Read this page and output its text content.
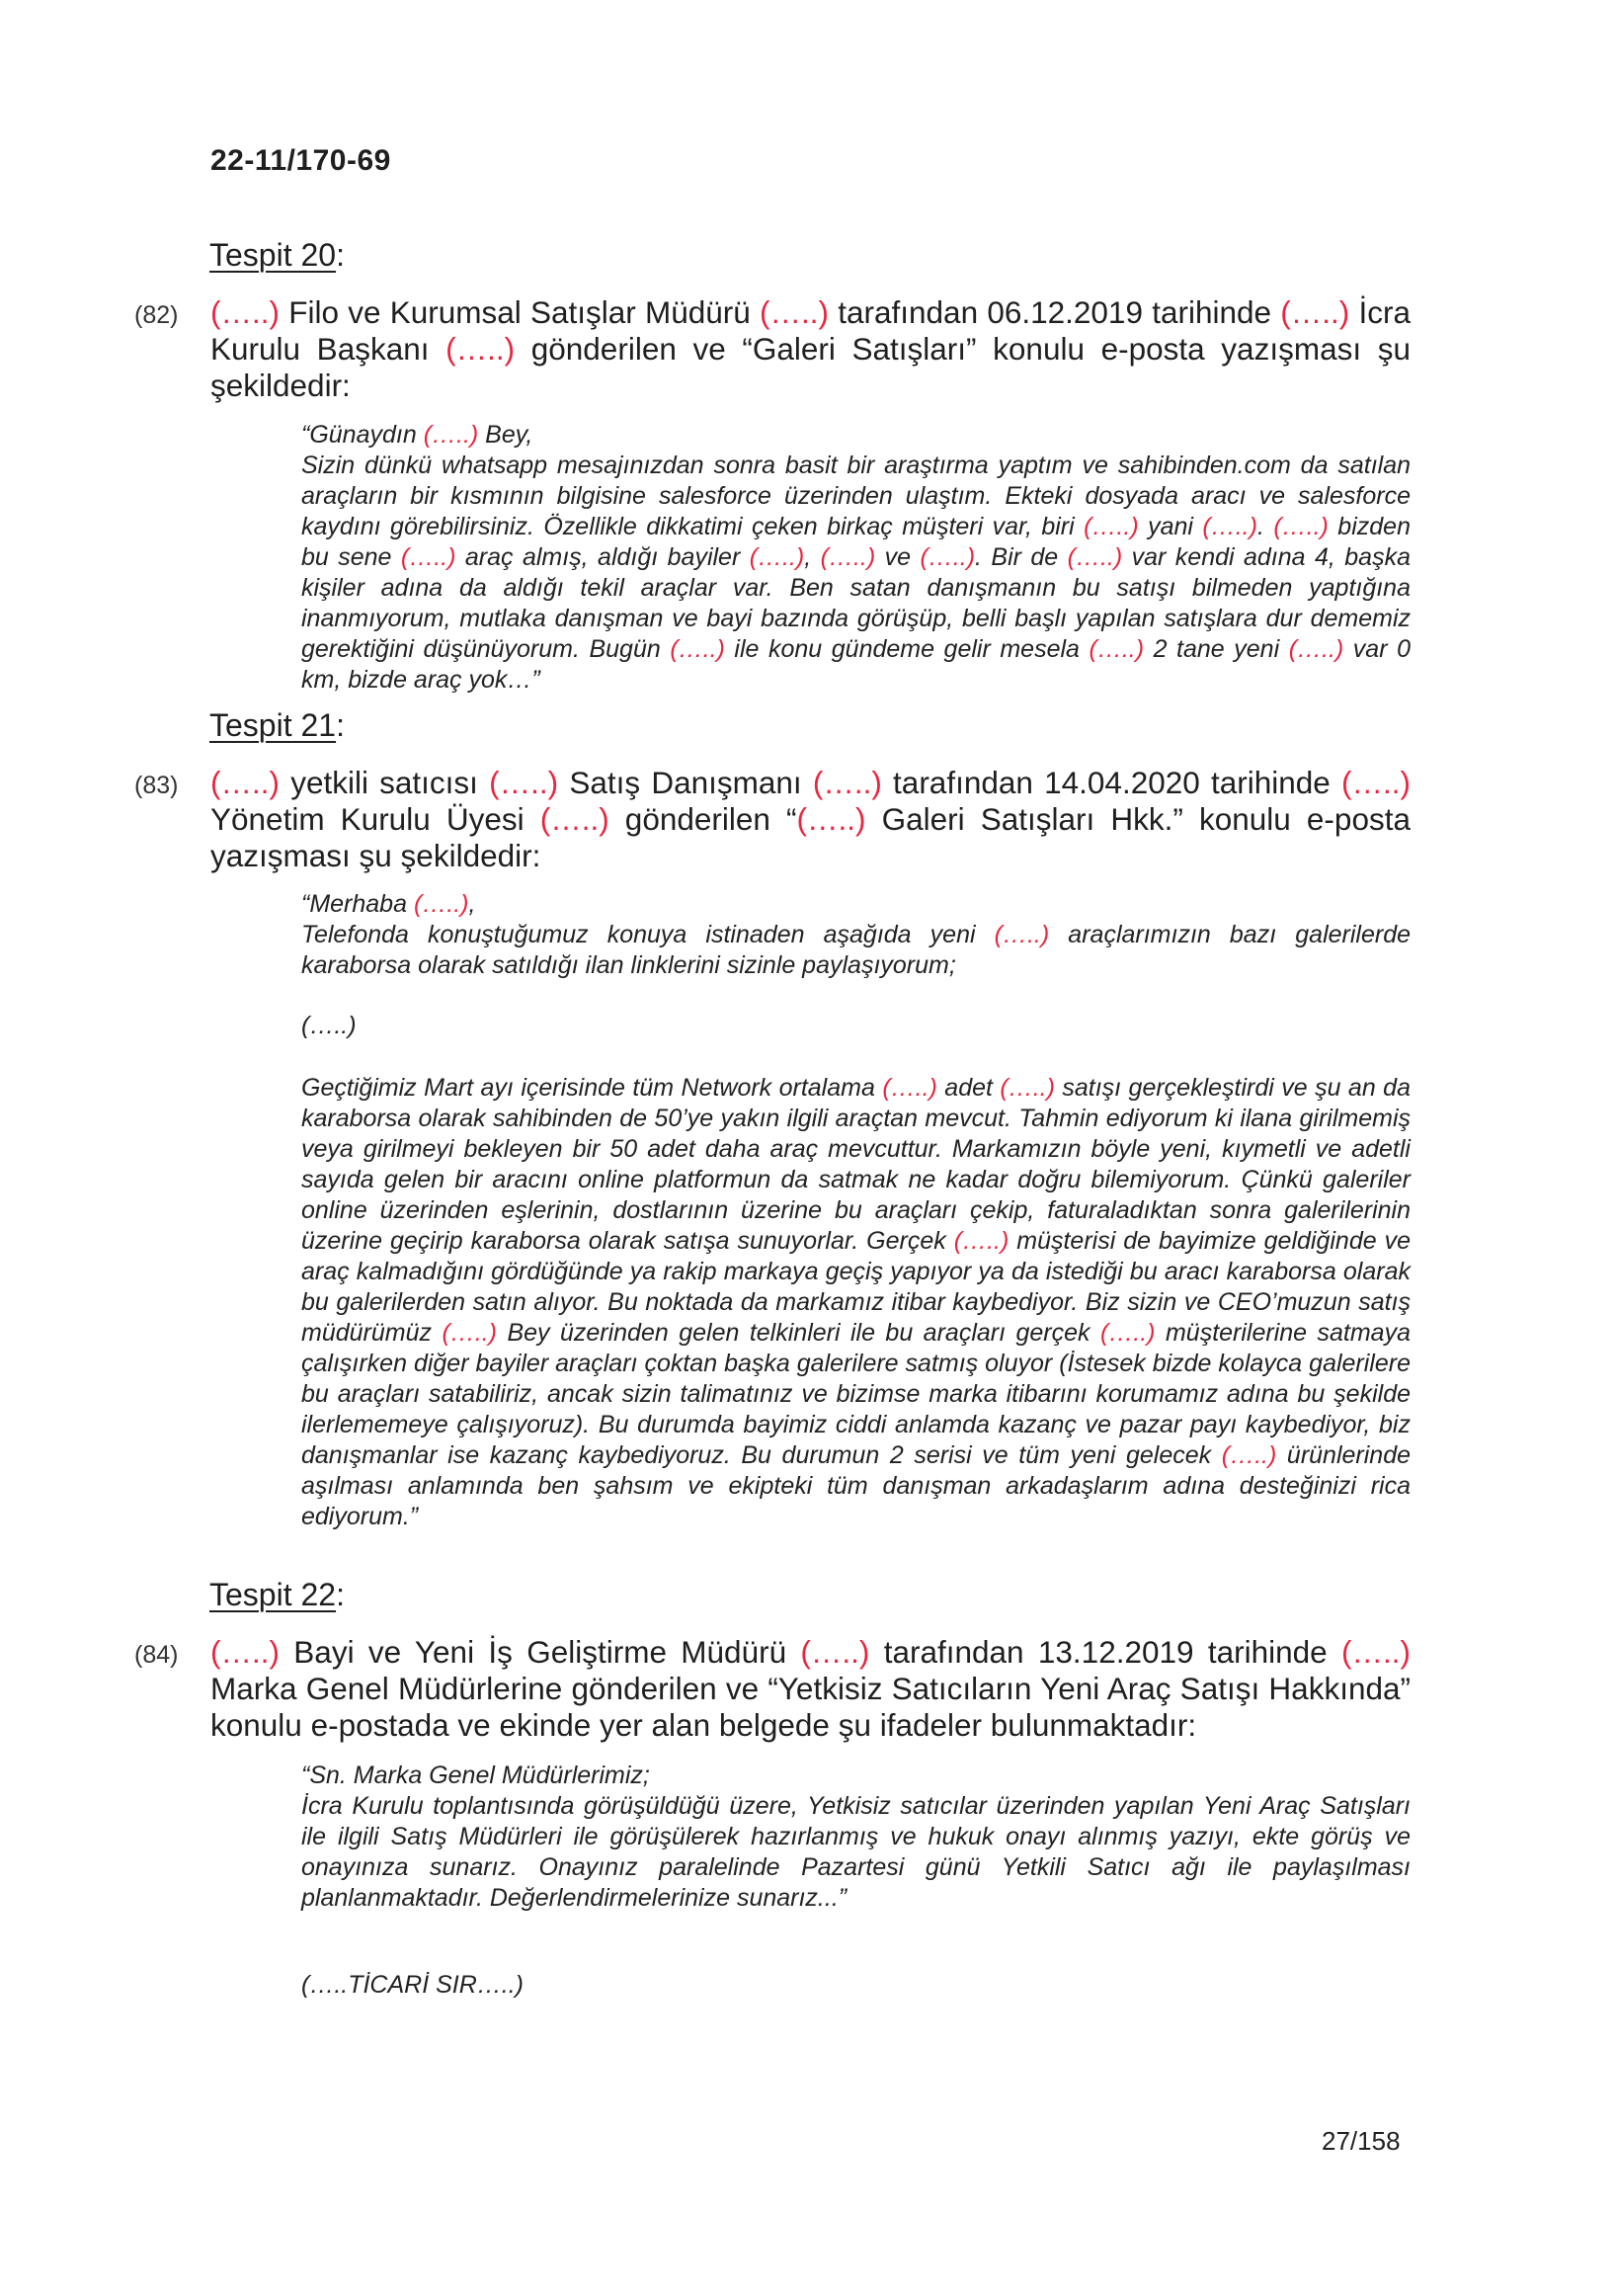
22-11/170-69
Tespit 20:
(82) (…..) Filo ve Kurumsal Satışlar Müdürü (…..) tarafından 06.12.2019 tarihinde (…..) İcra Kurulu Başkanı (…..) gönderilen ve “Galeri Satışları” konulu e-posta yazışması şu şekildedir:
“Günaydın (…..) Bey,
Sizin dünkü whatsapp mesajınızdan sonra basit bir araştırma yaptım ve sahibinden.com da satılan araçların bir kısmının bilgisine salesforce üzerinden ulaştım. Ekteki dosyada aracı ve salesforce kaydını görebilirsiniz. Özellikle dikkatimi çeken birkaç müşteri var, biri (…..) yani (…..). (…..) bizden bu sene (…..) araç almış, aldığı bayiler (…..), (…..) ve (…..). Bir de (…..) var kendi adına 4, başka kişiler adına da aldığı tekil araçlar var. Ben satan danışmanın bu satışı bilmeden yaptığına inanmıyorum, mutlaka danışman ve bayi bazında görüşüp, belli başlı yapılan satışlara dur dememiz gerektiğini düşünüyorum. Bugün (…..) ile konu gündeme gelir mesela (…..) 2 tane yeni (…..) var 0 km, bizde araç yok…”
Tespit 21:
(83) (…..) yetkili satıcısı (…..) Satış Danışmanı (…..) tarafından 14.04.2020 tarihinde (…..) Yönetim Kurulu Üyesi (…..) gönderilen “(…..) Galeri Satışları Hkk.” konulu e-posta yazışması şu şekildedir:
“Merhaba (…..),
Telefonda konuştuğumuz konuya istinaden aşağıda yeni (…..) araçlarımızın bazı galerilerde karaborsa olarak satıldığı ilan linklerini sizinle paylaşıyorum;
(…..)
Geçtiğimiz Mart ayı içerisinde tüm Network ortalama (…..) adet (…..) satışı gerçekleştirdi ve şu an da karaborsa olarak sahibinden de 50’ye yakın ilgili araçtan mevcut. Tahmin ediyorum ki ilana girilmemiş veya girilmeyi bekleyen bir 50 adet daha araç mevcuttur. Markamızın böyle yeni, kıymetli ve adetli sayıda gelen bir aracını online platformun da satmak ne kadar doğru bilemiyorum. Çünkü galeriler online üzerinden eşlerinin, dostlarının üzerine bu araçları çekip, faturaladıktan sonra galerilerinin üzerine geçirip karaborsa olarak satışa sunuyorlar. Gerçek (…..) müşterisi de bayimize geldiğinde ve araç kalmadığını gördüğünde ya rakip markaya geçiş yapıyor ya da istediği bu aracı karaborsa olarak bu galerilerden satın alıyor. Bu noktada da markamız itibar kaybediyor. Biz sizin ve CEO’muzun satış müdürümüz (…..) Bey üzerinden gelen telkinleri ile bu araçları gerçek (…..) müşterilerine satmaya çalışırken diğer bayiler araçları çoktan başka galerilere satmış oluyor (İstesek bizde kolayca galerilere bu araçları satabiliriz, ancak sizin talimatınız ve bizimse marka itibarını korumamız adına bu şekilde ilerlememeye çalışıyoruz). Bu durumda bayimiz ciddi anlamda kazanç ve pazar payı kaybediyor, biz danışmanlar ise kazanç kaybediyoruz. Bu durumun 2 serisi ve tüm yeni gelecek (…..) ürünlerinde aşılması anlamında ben şahsım ve ekipteki tüm danışman arkadaşlarım adına desteğinizi rica ediyorum.”
Tespit 22:
(84) (…..) Bayi ve Yeni İş Geliştirme Müdürü (…..) tarafından 13.12.2019 tarihinde (…..) Marka Genel Müdürlerine gönderilen ve “Yetkisiz Satıcıların Yeni Araç Satışı Hakkında” konulu e-postada ve ekinde yer alan belgede şu ifadeler bulunmaktadır:
“Sn. Marka Genel Müdürlerimiz;
İcra Kurulu toplantısında görüşüldüğü üzere, Yetkisiz satıcılar üzerinden yapılan Yeni Araç Satışları ile ilgili Satış Müdürleri ile görüşülerek hazırlanmış ve hukuk onayı alınmış yazıyı, ekte görüş ve onayınıza sunarız. Onayınız paralelinde Pazartesi günü Yetkili Satıcı ağı ile paylaşılması planlanmaktadır. Değerlendirmelerinize sunarız...”
(…..TİCARİ SIR…..)
27/158
